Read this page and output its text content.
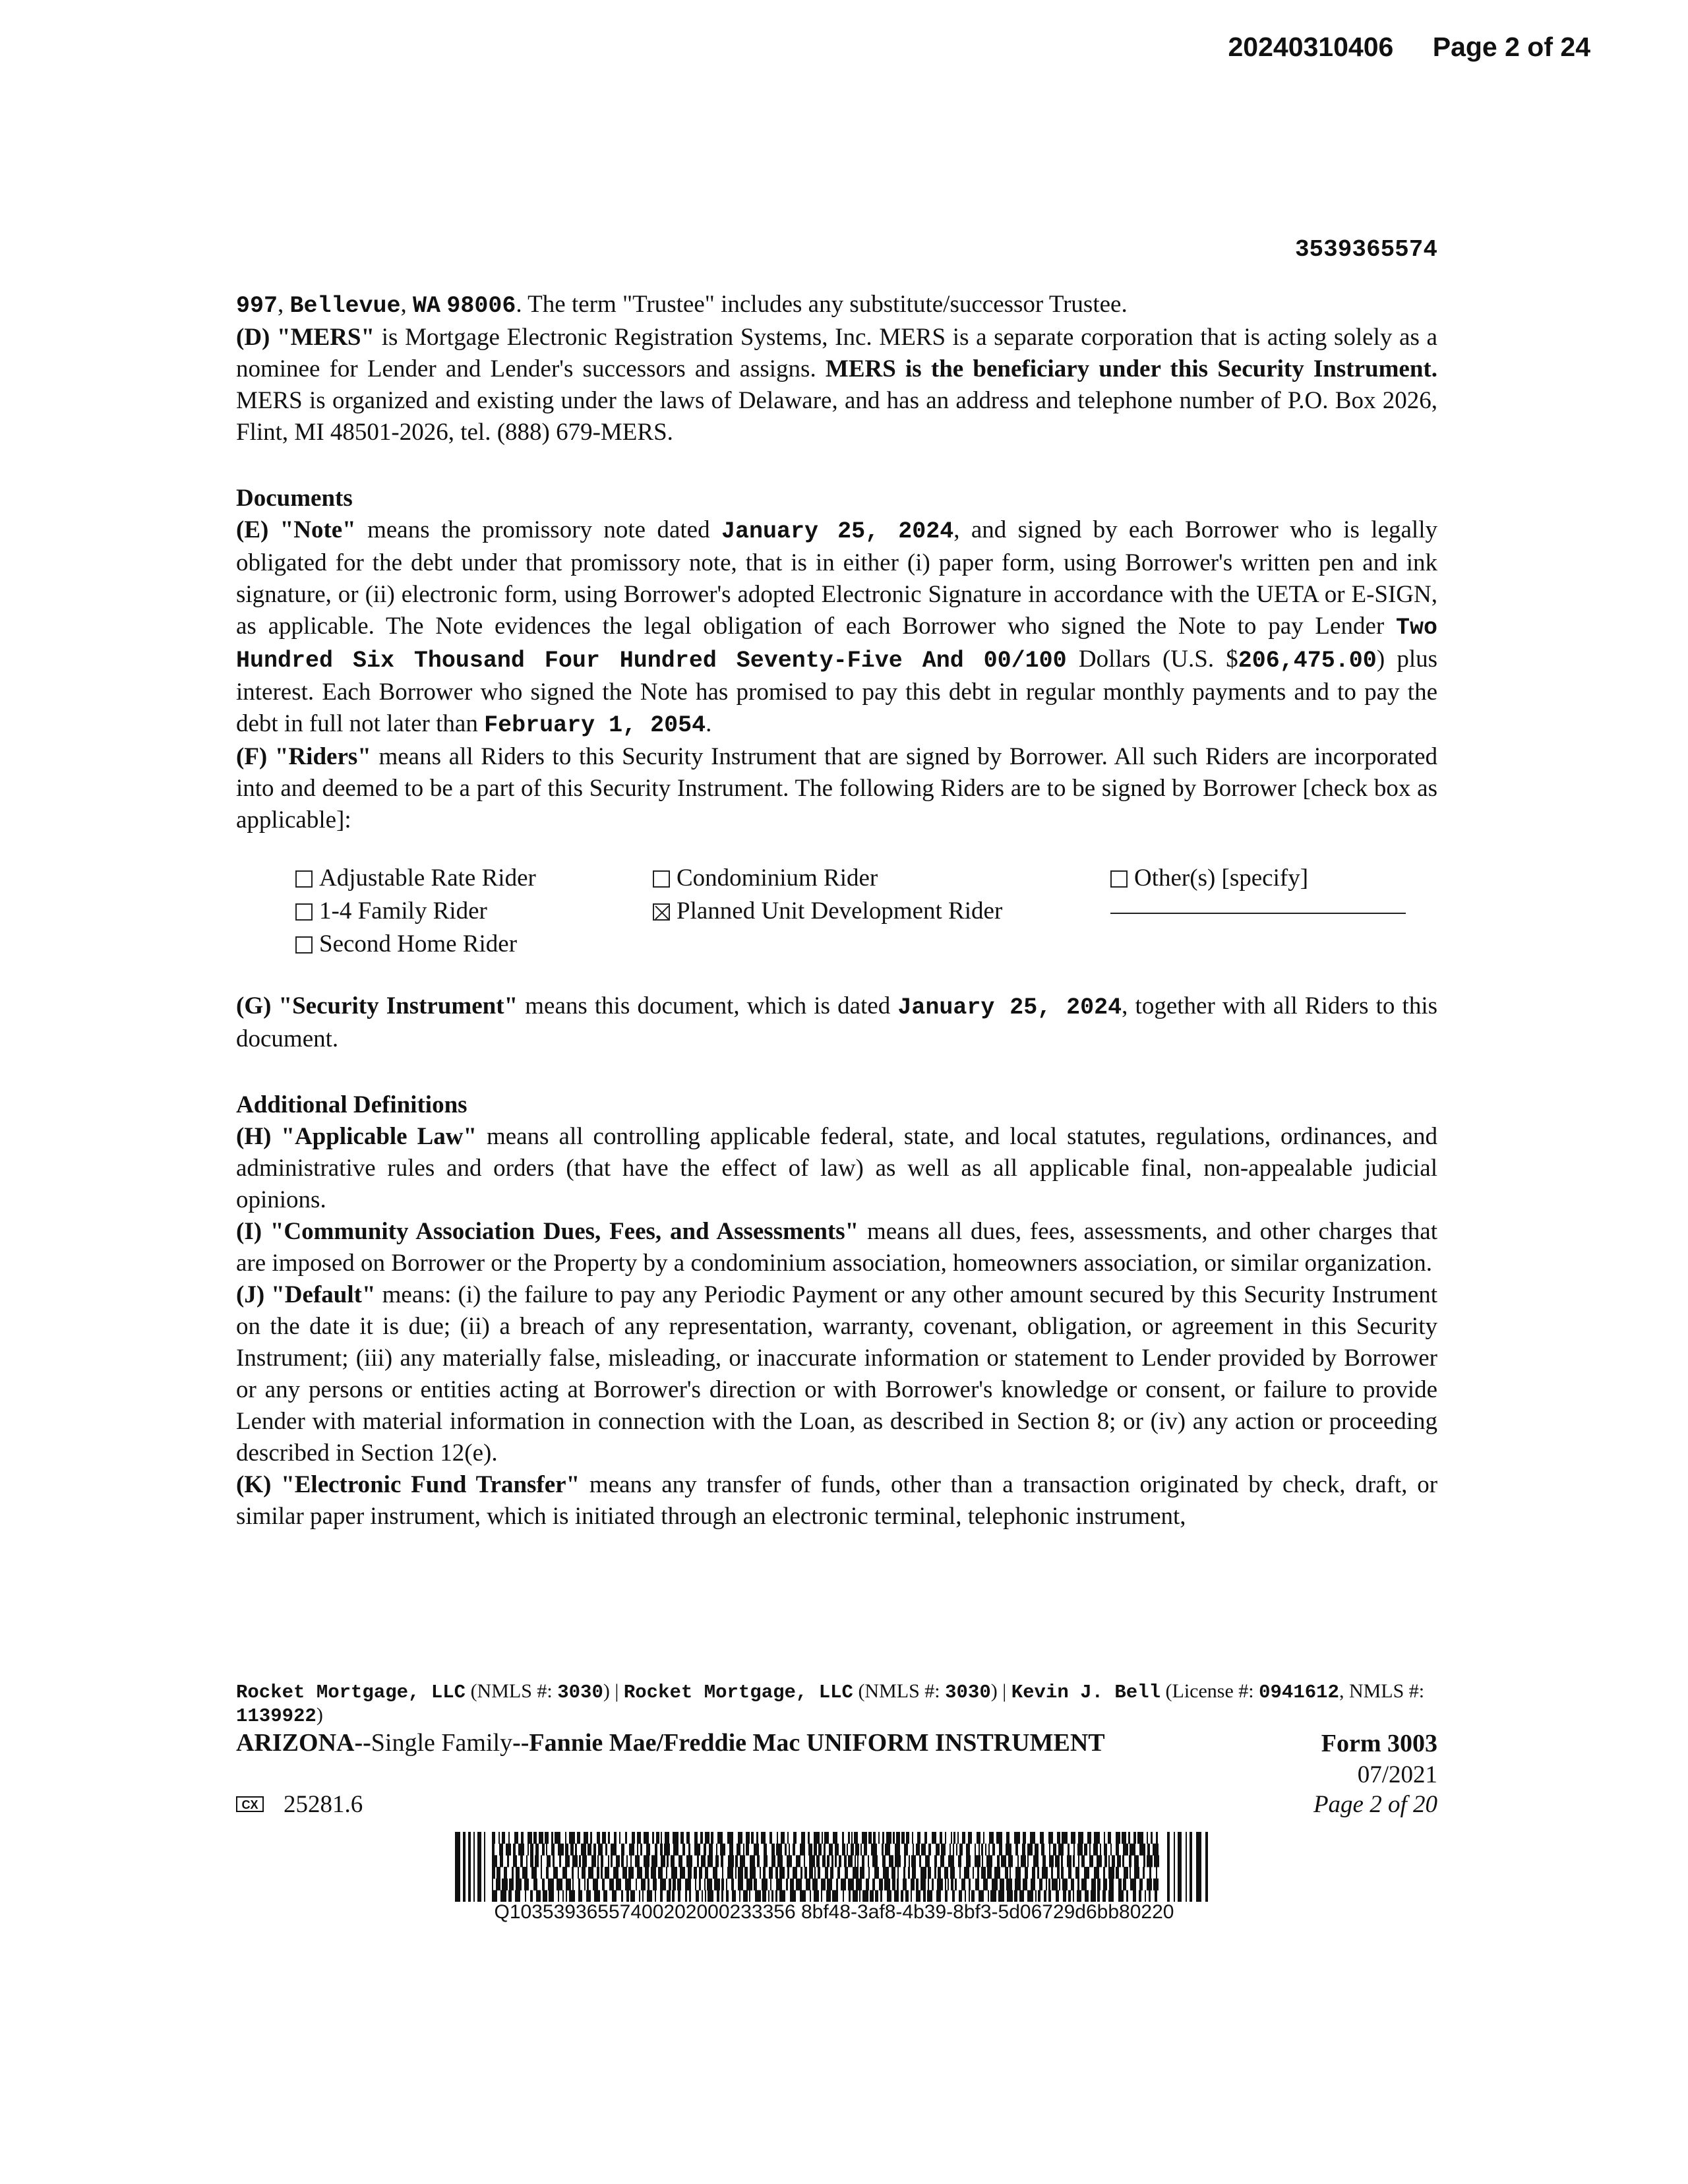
20240310406 Page 2 of 24
3539365574

997, Bellevue, WA 98006. The term "Trustee" includes any substitute/successor Trustee.

(D) "MERS" is Mortgage Electronic Registration Systems, Inc. MERS is a separate corporation that is acting solely as a nominee for Lender and Lender's successors and assigns. MERS is the beneficiary under this Security Instrument. MERS is organized and existing under the laws of Delaware, and has an address and telephone number of P.O. Box 2026, Flint, MI 48501-2026, tel. (888) 679-MERS.

Documents

(E) "Note" means the promissory note dated January 25, 2024, and signed by each Borrower who is legally obligated for the debt under that promissory note, that is in either (i) paper form, using Borrower's written pen and ink signature, or (ii) electronic form, using Borrower's adopted Electronic Signature in accordance with the UETA or E-SIGN, as applicable. The Note evidences the legal obligation of each Borrower who signed the Note to pay Lender Two Hundred Six Thousand Four Hundred Seventy-Five And 00/100 Dollars (U.S. $206,475.00) plus interest. Each Borrower who signed the Note has promised to pay this debt in regular monthly payments and to pay the debt in full not later than February 1, 2054.

(F) "Riders" means all Riders to this Security Instrument that are signed by Borrower. All such Riders are incorporated into and deemed to be a part of this Security Instrument. The following Riders are to be signed by Borrower [check box as applicable]:

Adjustable Rate Rider
1-4 Family Rider
Second Home Rider
Condominium Rider
Planned Unit Development Rider
Other(s) [specify]

(G) "Security Instrument" means this document, which is dated January 25, 2024, together with all Riders to this document.

Additional Definitions

(H) "Applicable Law" means all controlling applicable federal, state, and local statutes, regulations, ordinances, and administrative rules and orders (that have the effect of law) as well as all applicable final, non-appealable judicial opinions.

(I) "Community Association Dues, Fees, and Assessments" means all dues, fees, assessments, and other charges that are imposed on Borrower or the Property by a condominium association, homeowners association, or similar organization.

(J) "Default" means: (i) the failure to pay any Periodic Payment or any other amount secured by this Security Instrument on the date it is due; (ii) a breach of any representation, warranty, covenant, obligation, or agreement in this Security Instrument; (iii) any materially false, misleading, or inaccurate information or statement to Lender provided by Borrower or any persons or entities acting at Borrower's direction or with Borrower's knowledge or consent, or failure to provide Lender with material information in connection with the Loan, as described in Section 8; or (iv) any action or proceeding described in Section 12(e).

(K) "Electronic Fund Transfer" means any transfer of funds, other than a transaction originated by check, draft, or similar paper instrument, which is initiated through an electronic terminal, telephonic instrument,

Rocket Mortgage, LLC (NMLS #: 3030) | Rocket Mortgage, LLC (NMLS #: 3030) | Kevin J. Bell (License #: 0941612, NMLS #: 1139922)
ARIZONA--Single Family--Fannie Mae/Freddie Mac UNIFORM INSTRUMENT	Form 3003
07/2021
Page 2 of 20
CX 25281.6
Q10353936557400202000233356 8bf48-3af8-4b39-8bf3-5d06729d6bb80220
